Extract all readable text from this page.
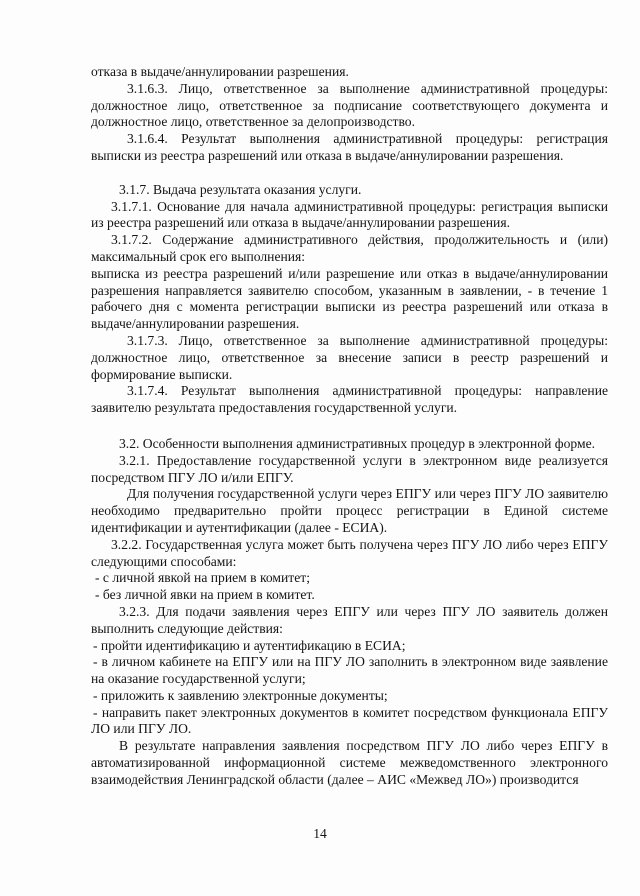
отказа в выдаче/аннулировании разрешения.

3.1.6.3. Лицо, ответственное за выполнение административной процедуры: должностное лицо, ответственное за подписание соответствующего документа и должностное лицо, ответственное за делопроизводство.

3.1.6.4. Результат выполнения административной процедуры: регистрация выписки из реестра разрешений или отказа в выдаче/аннулировании разрешения.

3.1.7. Выдача результата оказания услуги.

3.1.7.1. Основание для начала административной процедуры: регистрация выписки из реестра разрешений или отказа в выдаче/аннулировании разрешения.

3.1.7.2. Содержание административного действия, продолжительность и (или) максимальный срок его выполнения:

выписка из реестра разрешений и/или разрешение или отказ в выдаче/аннулировании разрешения направляется заявителю способом, указанным в заявлении, - в течение 1 рабочего дня с момента регистрации выписки из реестра разрешений или отказа в выдаче/аннулировании разрешения.

3.1.7.3. Лицо, ответственное за выполнение административной процедуры: должностное лицо, ответственное за внесение записи в реестр разрешений и формирование выписки.

3.1.7.4. Результат выполнения административной процедуры: направление заявителю результата предоставления государственной услуги.

3.2. Особенности выполнения административных процедур в электронной форме.

3.2.1. Предоставление государственной услуги в электронном виде реализуется посредством ПГУ ЛО и/или ЕПГУ.

Для получения государственной услуги через ЕПГУ или через ПГУ ЛО заявителю необходимо предварительно пройти процесс регистрации в Единой системе идентификации и аутентификации (далее - ЕСИА).

3.2.2. Государственная услуга может быть получена через ПГУ ЛО либо через ЕПГУ следующими способами:

- с личной явкой на прием в комитет;

- без личной явки на прием в комитет.

3.2.3. Для подачи заявления через ЕПГУ или через ПГУ ЛО заявитель должен выполнить следующие действия:

- пройти идентификацию и аутентификацию в ЕСИА;

- в личном кабинете на ЕПГУ или на ПГУ ЛО заполнить в электронном виде заявление на оказание государственной услуги;

- приложить к заявлению электронные документы;

- направить пакет электронных документов в комитет посредством функционала ЕПГУ ЛО или ПГУ ЛО.

В результате направления заявления посредством ПГУ ЛО либо через ЕПГУ в автоматизированной информационной системе межведомственного электронного взаимодействия Ленинградской области (далее – АИС «Межвед ЛО») производится

14
